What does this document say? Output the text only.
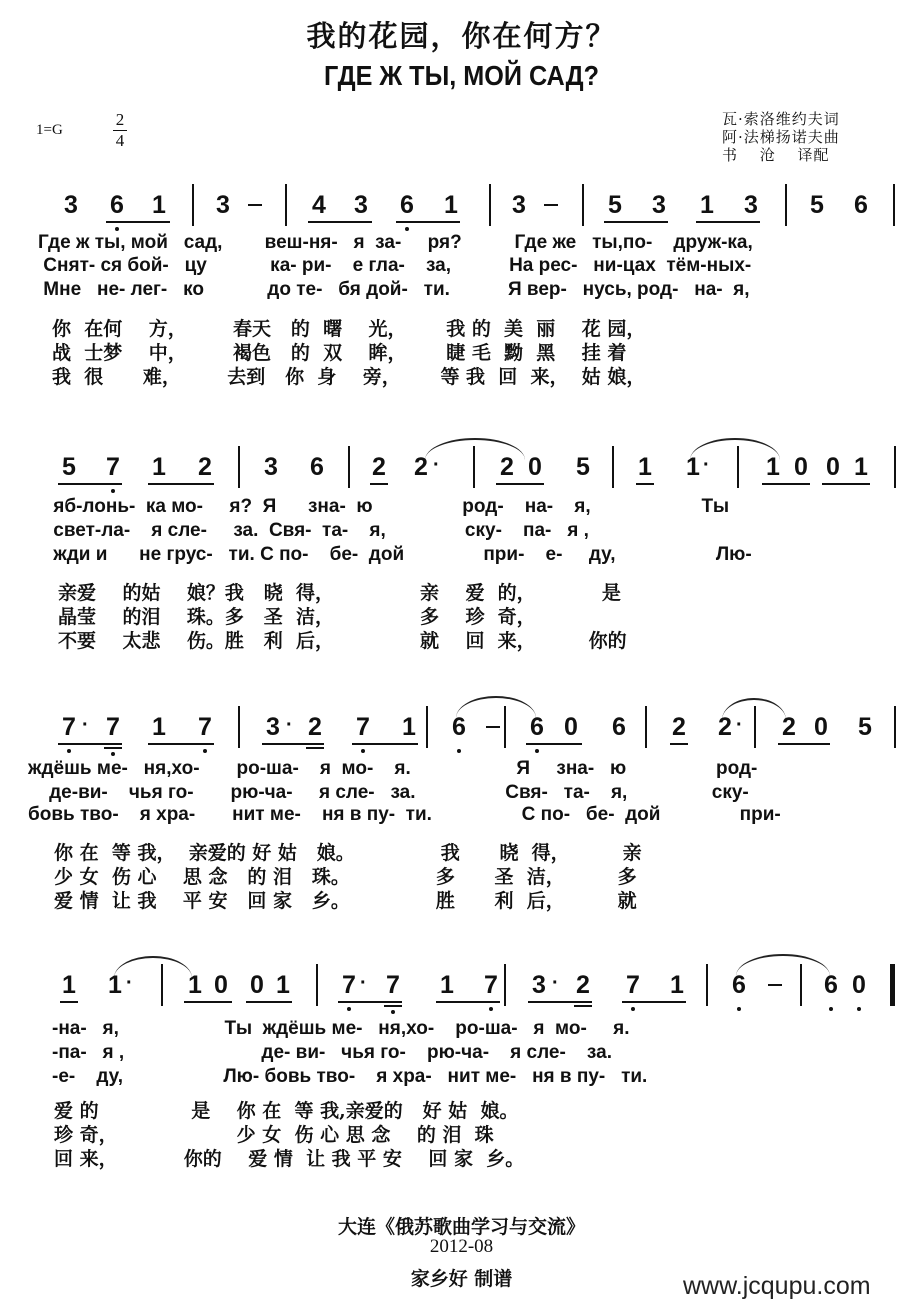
我的花园，你在何方？
ГДЕ Ж ТЫ, МОЙ САД?
1=G
2
4
瓦·索洛维约夫词
阿·法梯扬诺夫曲
书　 沧　 译配
3 6 1 3	4 3 6 1 3	5 3 1 3 5 6
Где ж ты, мой   сад,        веш-ня-   я  за-     ря?          Где же   ты,по-    друж-ка,
Снят- ся бой-   цу            ка- ри-    е гла-    за,           На рес-   ни-цах  тём-ных-
Мне   не- лег-   ко            до те-   бя дой-   ти.           Я вер-   нусь, род-   на-  я,
你  在何    方，       春天   的  曙    光，      我 的  美  丽    花 园，
战  士梦    中，       褐色   的  双    眸，      睫 毛  黝  黑    挂 着
我  很      难，       去到   你  身    旁，      等 我  回  来，  姑 娘，
5 7 1 2 3 6 2 2 · 2 0 5 1 1 · 1 0 0 1
яб-лонь-  ка мо-     я?  Я      зна-  ю                 род-    на-    я,                     Ты
свет-ла-    я сле-     за.  Свя-  та-    я,               ску-    па-   я ,
жди и      не грус-   ти. С по-    бе-  дой               при-    е-     ду,                   Лю-
亲爱    的姑    娘？我   晓  得，             亲    爱  的，          是
晶莹    的泪    珠。多   圣  洁，             多    珍  奇，
不要    太悲    伤。胜   利  后，             就    回  来，        你的
7 · 7 1 7 3 · 2 7 1 6	6 0 6 2 2 · 2 0 5
ждёшь ме-   ня,хо-       ро-ша-    я  мо-    я.                    Я     зна-   ю                 род-
де-ви-    чья го-       рю-ча-     я сле-   за.                 Свя-   та-    я,                ску-
бовь тво-    я хра-       нит ме-    ня в пу-  ти.                 С по-   бе-  дой               при-
你 在  等 我，  亲爱的 好 姑   娘。             我      晓  得，        亲
少 女  伤 心    思 念   的 泪   珠。             多      圣  洁，        多
爱 情  让 我    平 安   回 家   乡。             胜      利  后，        就
1 1 · 1 0 0 1 7 · 7 1 7 3 · 2 7 1 6	6 0
-на-   я,                    Ты  ждёшь ме-   ня,хо-    ро-ша-   я  мо-     я.
-па-   я ,                          де- ви-   чья го-    рю-ча-    я сле-    за.
-е-    ду,                   Лю- бовь тво-    я хра-   нит ме-   ня в пу-   ти.
爱 的              是    你 在  等 我,亲爱的   好 姑  娘。
珍 奇，                  少 女  伤 心 思 念    的 泪  珠
回 来，          你的    爱 情  让 我 平 安    回 家  乡。
大连《俄苏歌曲学习与交流》
2012-08
家乡好 制谱	www.jcqupu.com
